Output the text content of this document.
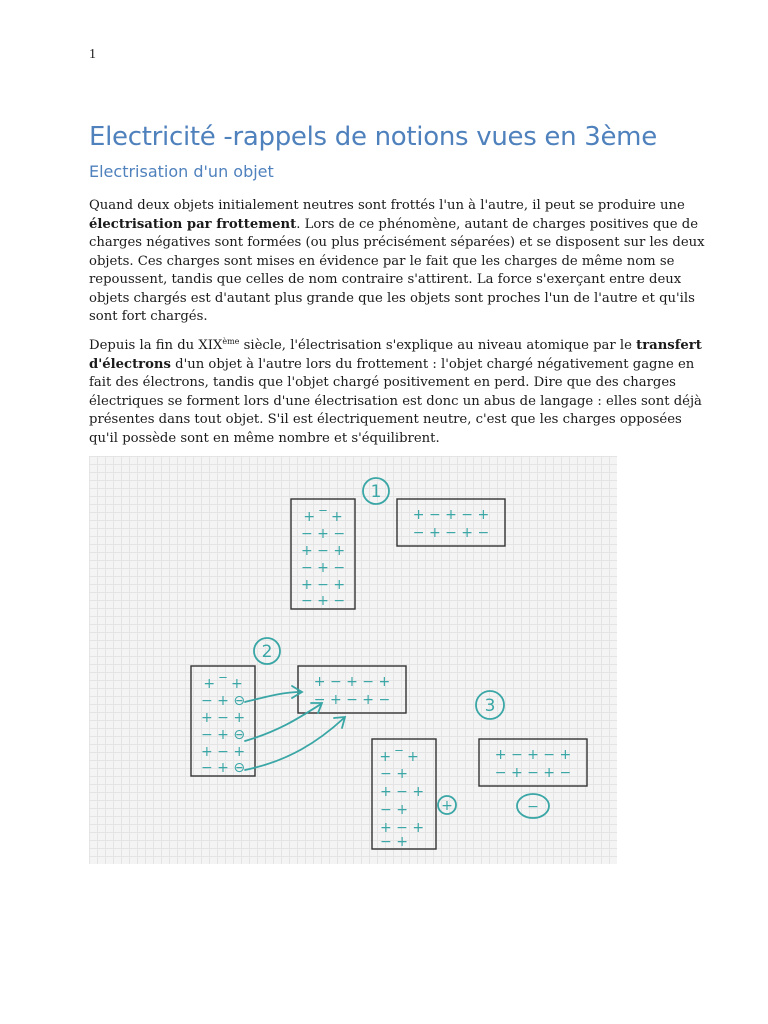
1
Electricité -rappels de notions vues en 3ème
Electrisation d'un objet

Quand deux objets initialement neutres sont frottés l'un à l'autre, il peut se produire une
électrisation par frottement. Lors de ce phénomène, autant de charges positives que de
charges négatives sont formées (ou plus précisément séparées) et se disposent sur les deux
objets. Ces charges sont mises en évidence par le fait que les charges de même nom se
repoussent, tandis que celles de nom contraire s'attirent. La force s'exerçant entre deux
objets chargés est d'autant plus grande que les objets sont proches l'un de l'autre et qu'ils
sont fort chargés.

Depuis la fin du XIXème siècle, l'électrisation s'explique au niveau atomique par le transfert
d'électrons d'un objet à l'autre lors du frottement : l'objet chargé négativement gagne en
fait des électrons, tandis que l'objet chargé positivement en perd. Dire que des charges
électriques se forment lors d'une électrisation est donc un abus de langage : elles sont déjà
présentes dans tout objet. S'il est électriquement neutre, c'est que les charges opposées
qu'il possède sont en même nombre et s'équilibrent.

1
+ ‾ +
− + −
+ − +
− + −
+ − +
− + −
+ − + − +
− + − + −
2
+ ‾ +
− + ⊖
+ − +
− + ⊖
+ − +
− + ⊖
+ − + − +
− + − + −	3
+ ‾ +
− +
+ − +
− +
+ − +
− +
+
+ − + − +
− + − + −
−
